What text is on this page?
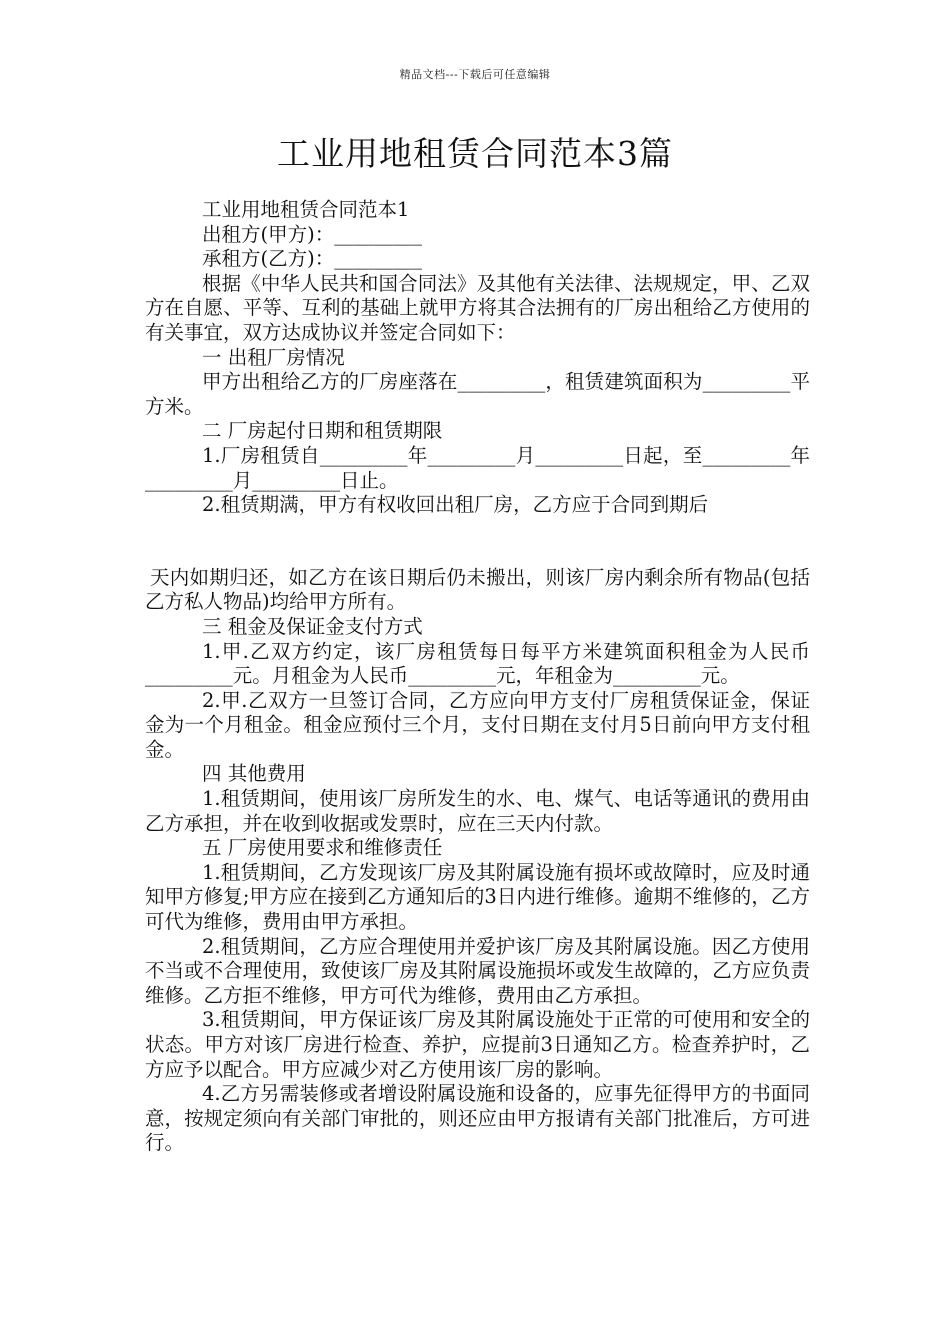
精品文档---下载后可任意编辑
工业用地租赁合同范本3篇

工业用地租赁合同范本1

出租方(甲方)：_________

承租方(乙方)：_________

根据《中华人民共和国合同法》及其他有关法律、法规规定，甲、乙双方在自愿、平等、互利的基础上就甲方将其合法拥有的厂房出租给乙方使用的有关事宜，双方达成协议并签定合同如下：

一 出租厂房情况

甲方出租给乙方的厂房座落在_________，租赁建筑面积为_________平方米。

二 厂房起付日期和租赁期限

1.厂房租赁自_________年_________月_________日起，至_________年_________月_________日止。

2.租赁期满，甲方有权收回出租厂房，乙方应于合同到期后

天内如期归还，如乙方在该日期后仍未搬出，则该厂房内剩余所有物品(包括乙方私人物品)均给甲方所有。

三 租金及保证金支付方式

1.甲.乙双方约定，该厂房租赁每日每平方米建筑面积租金为人民币_________元。月租金为人民币_________元，年租金为_________元。

2.甲.乙双方一旦签订合同，乙方应向甲方支付厂房租赁保证金，保证金为一个月租金。租金应预付三个月，支付日期在支付月5日前向甲方支付租金。

四 其他费用

1.租赁期间，使用该厂房所发生的水、电、煤气、电话等通讯的费用由乙方承担，并在收到收据或发票时，应在三天内付款。

五 厂房使用要求和维修责任

1.租赁期间，乙方发现该厂房及其附属设施有损坏或故障时，应及时通知甲方修复;甲方应在接到乙方通知后的3日内进行维修。逾期不维修的，乙方可代为维修，费用由甲方承担。

2.租赁期间，乙方应合理使用并爱护该厂房及其附属设施。因乙方使用不当或不合理使用，致使该厂房及其附属设施损坏或发生故障的，乙方应负责维修。乙方拒不维修，甲方可代为维修，费用由乙方承担。

3.租赁期间，甲方保证该厂房及其附属设施处于正常的可使用和安全的状态。甲方对该厂房进行检查、养护，应提前3日通知乙方。检查养护时，乙方应予以配合。甲方应减少对乙方使用该厂房的影响。

4.乙方另需装修或者增设附属设施和设备的，应事先征得甲方的书面同意，按规定须向有关部门审批的，则还应由甲方报请有关部门批准后，方可进行。
